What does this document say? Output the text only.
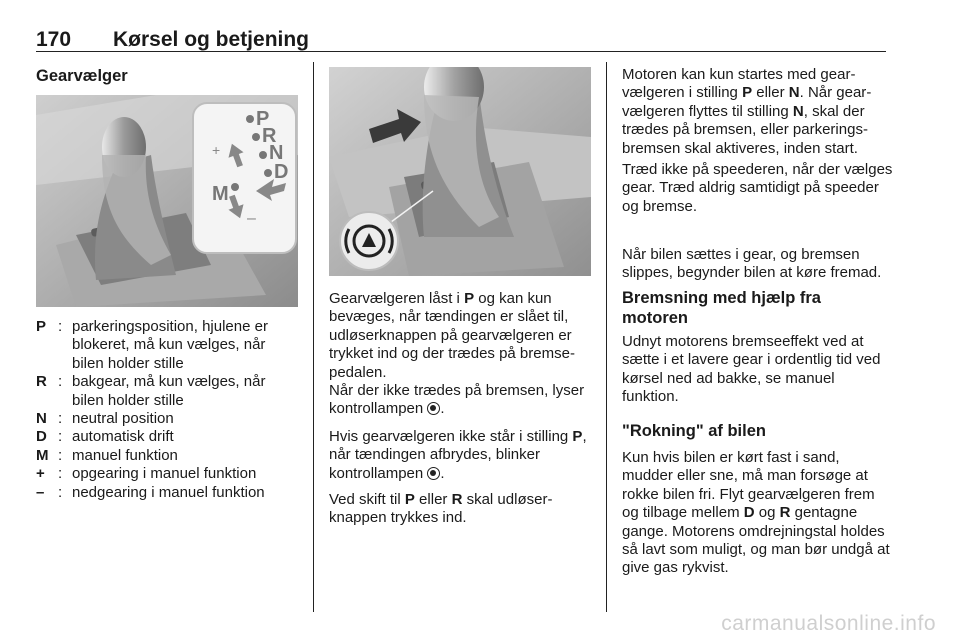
170 Kørsel og betjening
Gearvælger
P
R
N
D
M
+
–
P	:	parkeringsposition, hjulene er blokeret, må kun vælges, når bilen holder stille
R	:	bakgear, må kun vælges, når bilen holder stille
N	:	neutral position
D	:	automatisk drift
M	:	manuel funktion
+	:	opgearing i manuel funktion
–	:	nedgearing i manuel funktion

Gearvælgeren låst i P og kan kun bevæges, når tændingen er slået til, udløserknappen på gearvælgeren er trykket ind og der trædes på bremsepedalen.

Når der ikke trædes på bremsen, lyser kontrollampen .

Hvis gearvælgeren ikke står i stilling P, når tændingen afbrydes, blinker kontrollampen .

Ved skift til P eller R skal udløserknappen trykkes ind.

Motoren kan kun startes med gearvælgeren i stilling P eller N. Når gearvælgeren flyttes til stilling N, skal der trædes på bremsen, eller parkeringsbremsen skal aktiveres, inden start.

Træd ikke på speederen, når der vælges gear. Træd aldrig samtidigt på speeder og bremse.

Når bilen sættes i gear, og bremsen slippes, begynder bilen at køre fremad.

Bremsning med hjælp fra motoren

Udnyt motorens bremseeffekt ved at sætte i et lavere gear i ordentlig tid ved kørsel ned ad bakke, se manuel funktion.

"Rokning" af bilen

Kun hvis bilen er kørt fast i sand, mudder eller sne, må man forsøge at rokke bilen fri. Flyt gearvælgeren frem og tilbage mellem D og R gentagne gange. Motorens omdrejningstal holdes så lavt som muligt, og man bør undgå at give gas rykvist.

carmanualsonline.info
